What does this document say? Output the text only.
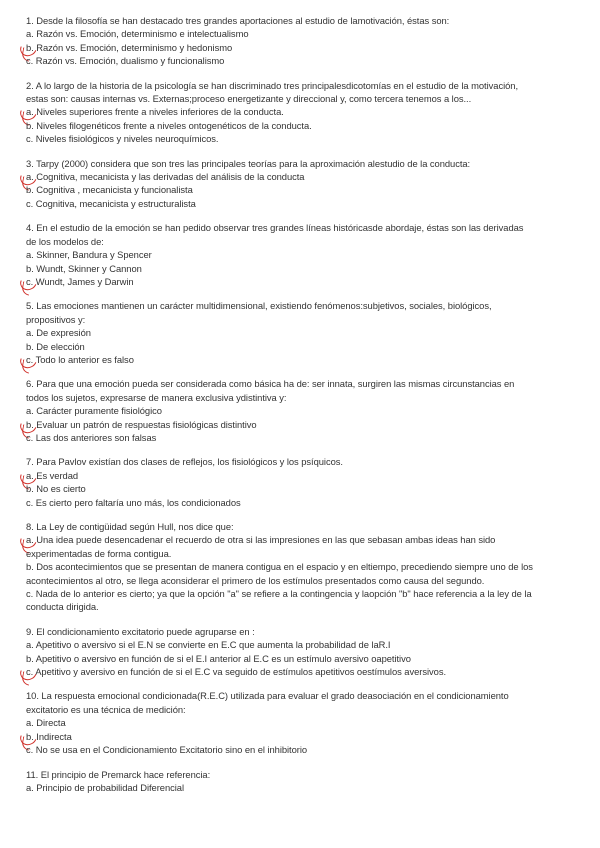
1. Desde la filosofía se han destacado tres grandes aportaciones al estudio de lamotivación, éstas son:
a. Razón vs. Emoción, determinismo e intelectualismo
b. Razón vs. Emoción, determinismo y hedonismo
c. Razón vs. Emoción, dualismo y funcionalismo
2. A lo largo de la historia de la psicología se han discriminado tres principalesdicotomías en el estudio de la motivación,
estas son: causas internas vs. Externas;proceso energetizante y direccional y, como tercera tenemos a los...
a. Niveles superiores frente a niveles inferiores de la conducta.
b. Niveles filogenéticos frente a niveles ontogenéticos de la conducta.
c. Niveles fisiológicos y niveles neuroquímicos.
3. Tarpy (2000) considera que son tres las principales teorías para la aproximación alestudio de la conducta:
a. Cognitiva, mecanicista y las derivadas del análisis de la conducta
b. Cognitiva , mecanicista y funcionalista
c. Cognitiva, mecanicista y estructuralista
4. En el estudio de la emoción se han pedido observar tres grandes líneas históricasde abordaje, éstas son las derivadas
de los modelos de:
a. Skinner, Bandura y Spencer
b. Wundt, Skinner y Cannon
c. Wundt, James y Darwin
5. Las emociones mantienen un carácter multidimensional, existiendo fenómenos:subjetivos, sociales, biológicos,
propositivos y:
a. De expresión
b. De elección
c. Todo lo anterior es falso
6. Para que una emoción pueda ser considerada como básica ha de: ser innata, surgiren las mismas circunstancias en
todos los sujetos, expresarse de manera exclusiva ydistintiva y:
a. Carácter puramente fisiológico
b. Evaluar un patrón de respuestas fisiológicas distintivo
c. Las dos anteriores son falsas
7. Para Pavlov existían dos clases de reflejos, los fisiológicos y los psíquicos.
a. Es verdad
b. No es cierto
c. Es cierto pero faltaría uno más, los condicionados
8. La Ley de contigüidad según Hull, nos dice que:
a. Una idea puede desencadenar el recuerdo de otra si las impresiones en las que sebasan ambas ideas han sido
experimentadas de forma contigua.
b. Dos acontecimientos que se presentan de manera contigua en el espacio y en eltiempo, precediendo siempre uno de los
acontecimientos al otro, se llega aconsiderar el primero de los estímulos presentados como causa del segundo.
c. Nada de lo anterior es cierto; ya que la opción "a" se refiere a la contingencia y laopción "b" hace referencia a la ley de la
conducta dirigida.
9. El condicionamiento excitatorio puede agruparse en :
a. Apetitivo o aversivo si el E.N se convierte en E.C que aumenta la probabilidad de laR.I
b. Apetitivo o aversivo en función de si el E.I anterior al E.C es un estímulo aversivo oapetitivo
c. Apetitivo y aversivo en función de si el E.C va seguido de estímulos apetitivos oestímulos aversivos.
10. La respuesta emocional condicionada(R.E.C) utilizada para evaluar el grado deasociación en el condicionamiento
excitatorio es una técnica de medición:
a. Directa
b. Indirecta
c. No se usa en el Condicionamiento Excitatorio sino en el inhibitorio
11. El principio de Premarck hace referencia:
a. Principio de probabilidad Diferencial
